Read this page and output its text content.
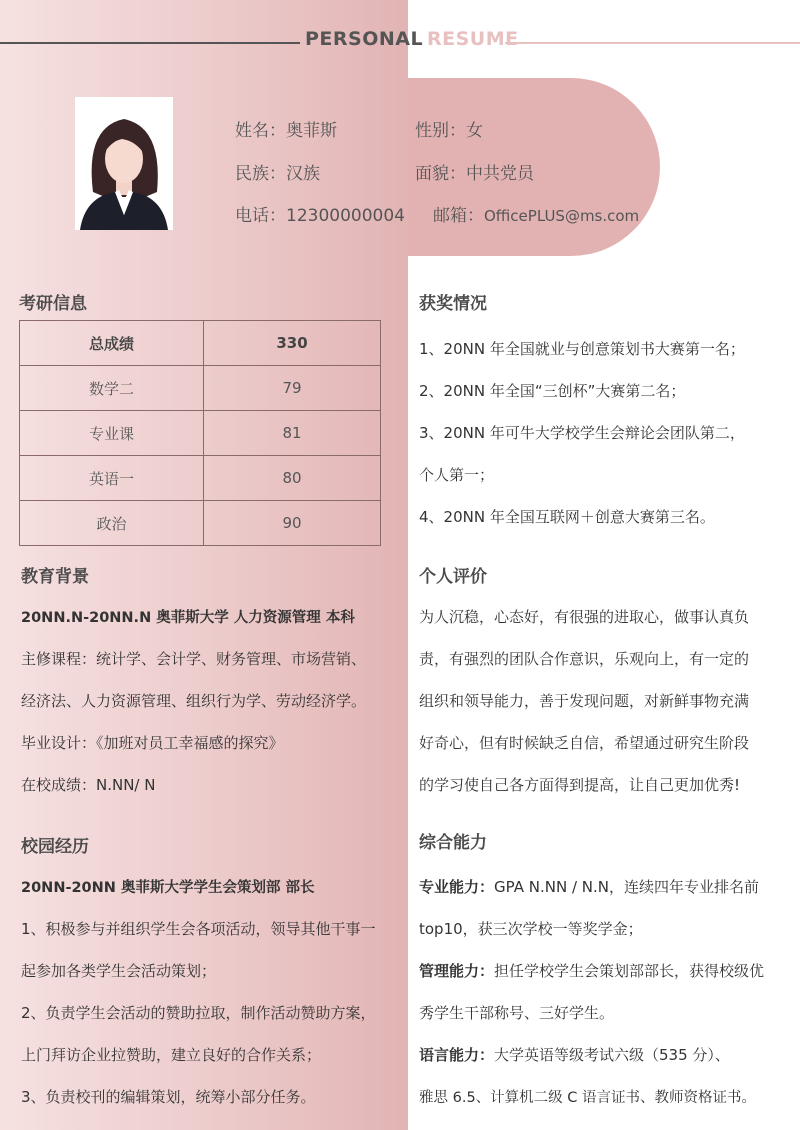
PERSONAL RESUME
姓名：奥菲斯	性别：女
民族：汉族	面貌：中共党员
电话：12300000004 邮箱：OfficePLUS@ms.com
考研信息
总成绩	330
数学二	79
专业课	81
英语一	80
政治	90
教育背景
20NN.N-20NN.N 奥菲斯大学 人力资源管理 本科
主修课程：统计学、会计学、财务管理、市场营销、
经济法、人力资源管理、组织行为学、劳动经济学。
毕业设计：《加班对员工幸福感的探究》
在校成绩：N.NN/ N
校园经历
20NN-20NN 奥菲斯大学学生会策划部 部长
1、积极参与并组织学生会各项活动，领导其他干事一
起参加各类学生会活动策划；
2、负责学生会活动的赞助拉取，制作活动赞助方案，
上门拜访企业拉赞助，建立良好的合作关系；
3、负责校刊的编辑策划，统筹小部分任务。
获奖情况
1、20NN 年全国就业与创意策划书大赛第一名；
2、20NN 年全国“三创杯”大赛第二名；
3、20NN 年可牛大学校学生会辩论会团队第二，
个人第一；
4、20NN 年全国互联网＋创意大赛第三名。
个人评价
为人沉稳，心态好，有很强的进取心，做事认真负
责，有强烈的团队合作意识，乐观向上，有一定的
组织和领导能力，善于发现问题，对新鲜事物充满
好奇心，但有时候缺乏自信，希望通过研究生阶段
的学习使自己各方面得到提高，让自己更加优秀!
综合能力
专业能力：GPA N.NN / N.N，连续四年专业排名前
top10，获三次学校一等奖学金；
管理能力：担任学校学生会策划部部长，获得校级优
秀学生干部称号、三好学生。
语言能力：大学英语等级考试六级（535 分）、
雅思 6.5、计算机二级 C 语言证书、教师资格证书。
